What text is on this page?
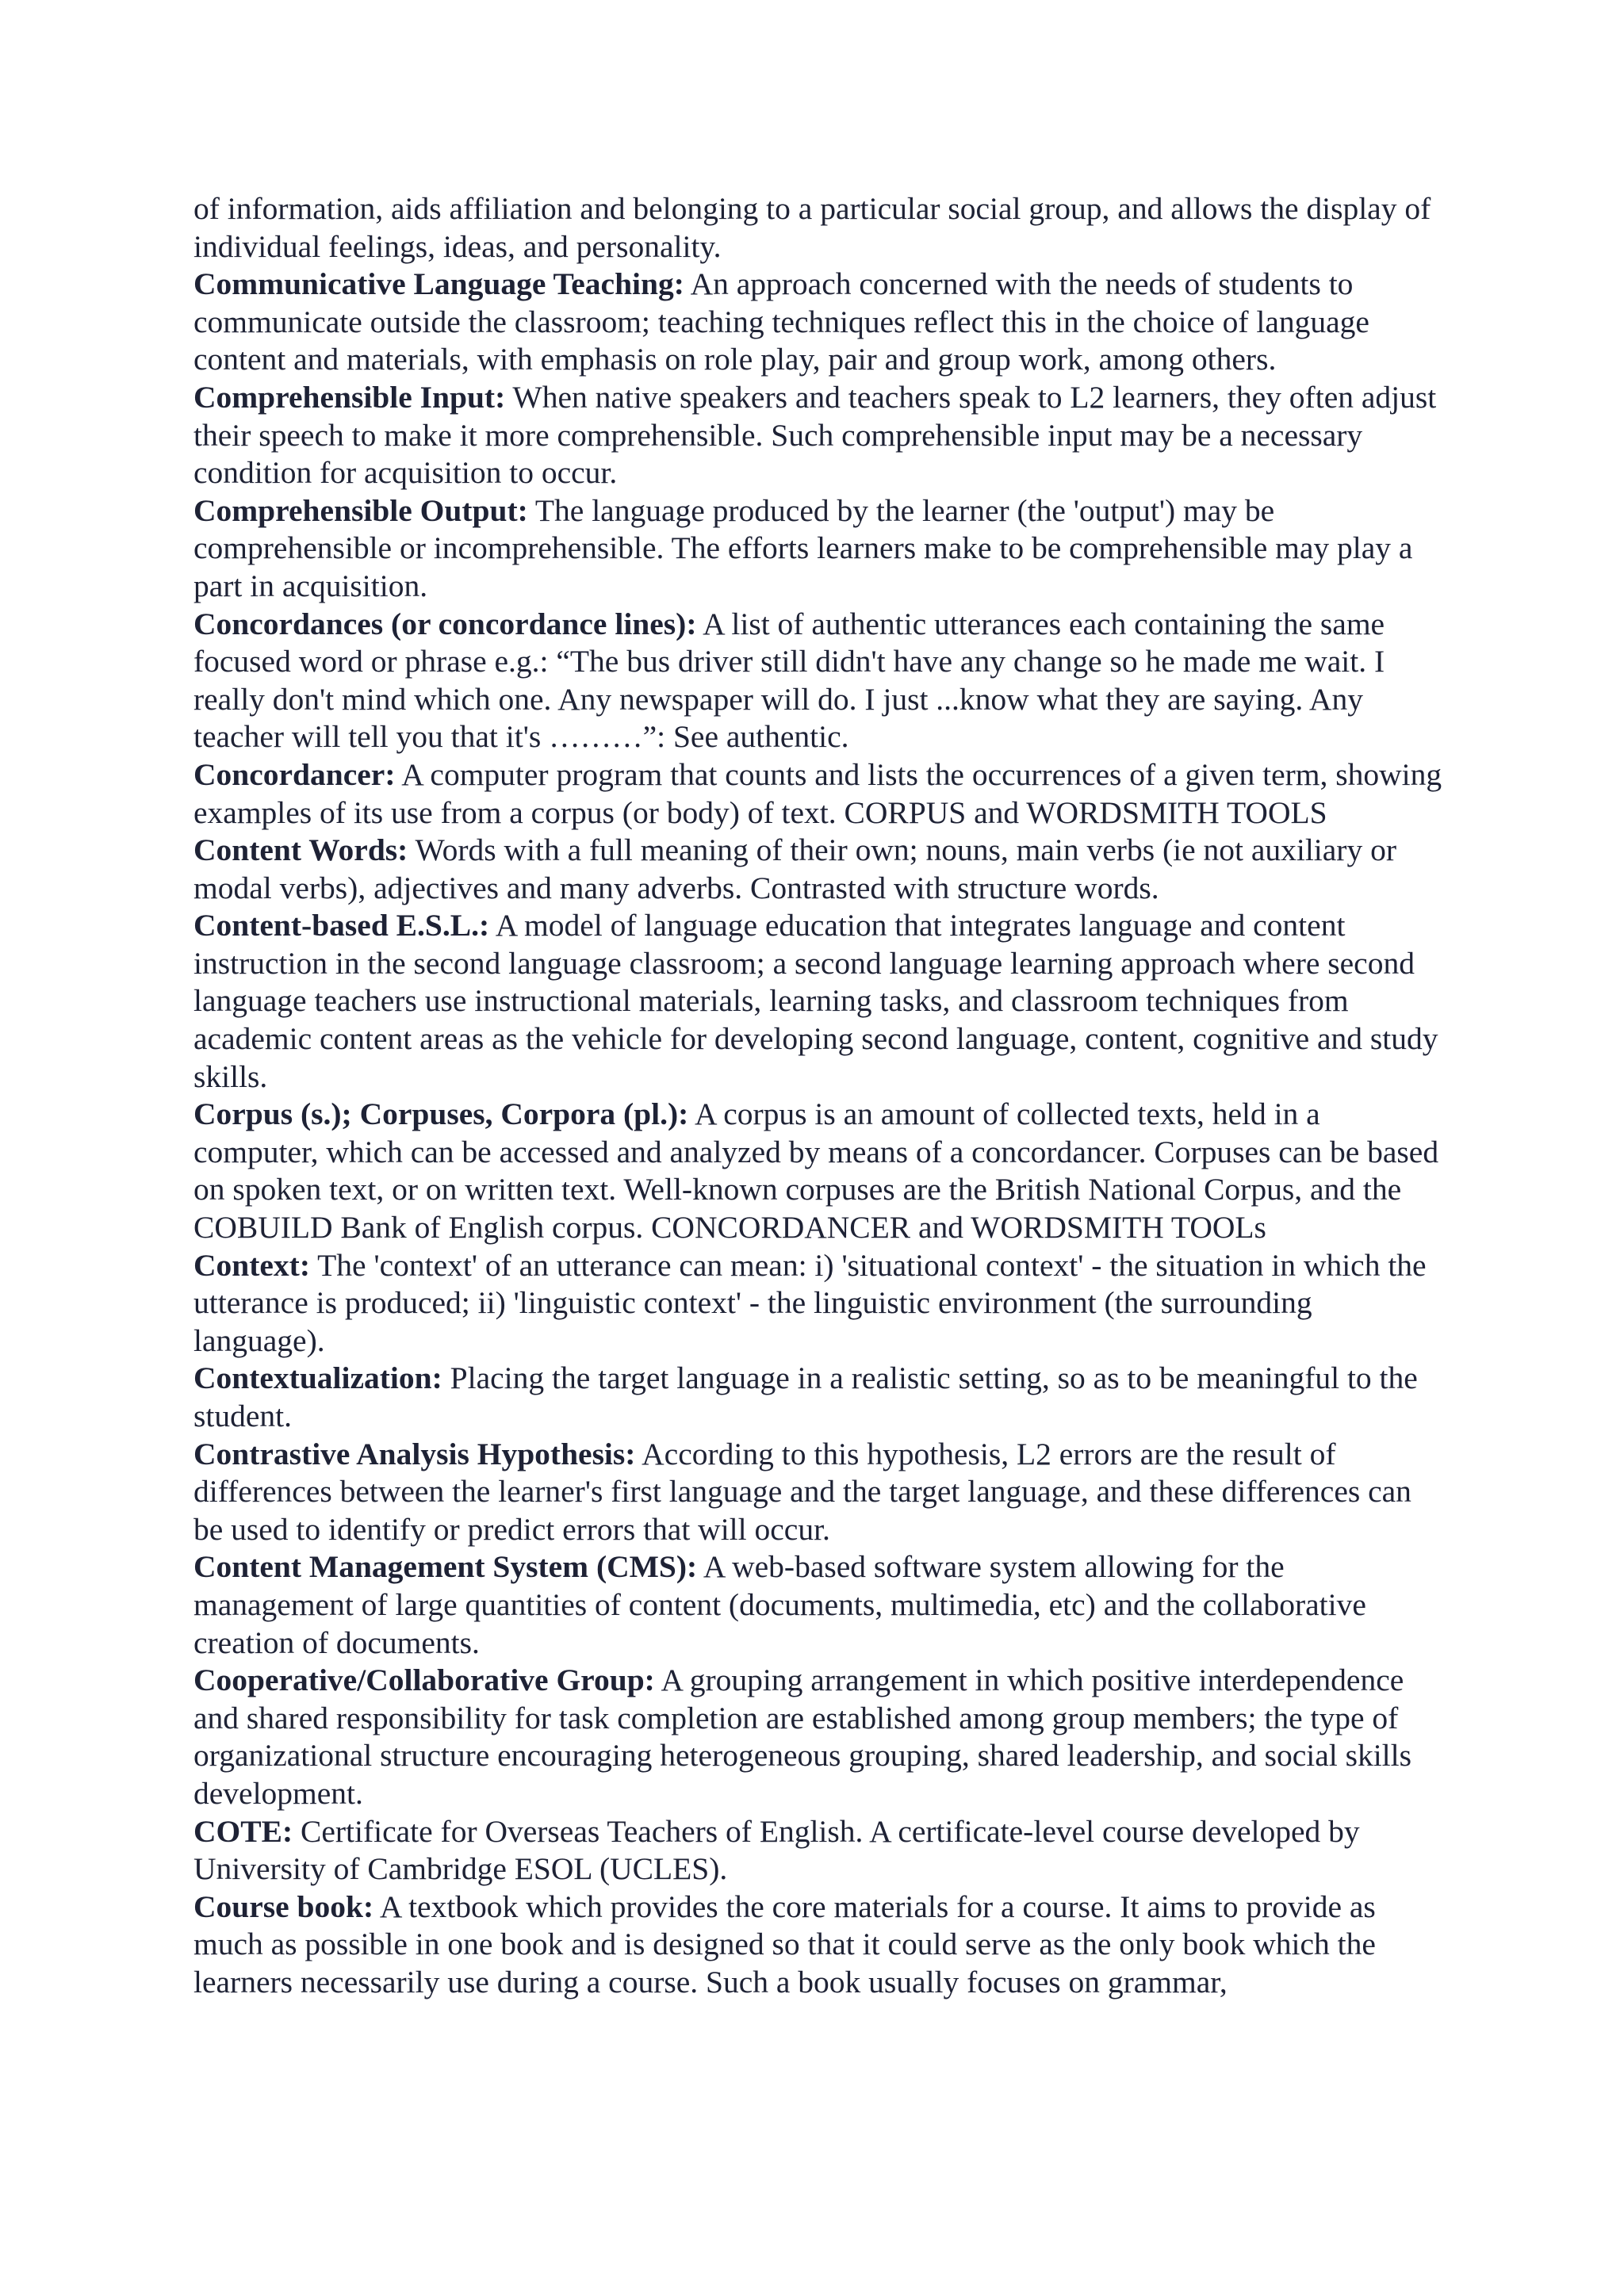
of information, aids affiliation and belonging to a particular social group, and allows the display of individual feelings, ideas, and personality.

Communicative Language Teaching: An approach concerned with the needs of students to communicate outside the classroom; teaching techniques reflect this in the choice of language content and materials, with emphasis on role play, pair and group work, among others.

Comprehensible Input: When native speakers and teachers speak to L2 learners, they often adjust their speech to make it more comprehensible. Such comprehensible input may be a necessary condition for acquisition to occur.

Comprehensible Output: The language produced by the learner (the 'output') may be comprehensible or incomprehensible. The efforts learners make to be comprehensible may play a part in acquisition.

Concordances (or concordance lines): A list of authentic utterances each containing the same focused word or phrase e.g.: “The bus driver still didn't have any change so he made me wait. I really don't mind which one. Any newspaper will do. I just ...know what they are saying. Any teacher will tell you that it's ………”: See authentic.

Concordancer: A computer program that counts and lists the occurrences of a given term, showing examples of its use from a corpus (or body) of text. CORPUS and WORDSMITH TOOLS

Content Words: Words with a full meaning of their own; nouns, main verbs (ie not auxiliary or modal verbs), adjectives and many adverbs. Contrasted with structure words.

Content-based E.S.L.: A model of language education that integrates language and content instruction in the second language classroom; a second language learning approach where second language teachers use instructional materials, learning tasks, and classroom techniques from academic content areas as the vehicle for developing second language, content, cognitive and study skills.

Corpus (s.); Corpuses, Corpora (pl.): A corpus is an amount of collected texts, held in a computer, which can be accessed and analyzed by means of a concordancer. Corpuses can be based on spoken text, or on written text. Well-known corpuses are the British National Corpus, and the COBUILD Bank of English corpus. CONCORDANCER and WORDSMITH TOOLs

Context: The 'context' of an utterance can mean: i) 'situational context' - the situation in which the utterance is produced; ii) 'linguistic context' - the linguistic environment (the surrounding language).

Contextualization: Placing the target language in a realistic setting, so as to be meaningful to the student.

Contrastive Analysis Hypothesis: According to this hypothesis, L2 errors are the result of differences between the learner's first language and the target language, and these differences can be used to identify or predict errors that will occur.

Content Management System (CMS): A web-based software system allowing for the management of large quantities of content (documents, multimedia, etc) and the collaborative creation of documents.

Cooperative/Collaborative Group: A grouping arrangement in which positive interdependence and shared responsibility for task completion are established among group members; the type of organizational structure encouraging heterogeneous grouping, shared leadership, and social skills development.

COTE: Certificate for Overseas Teachers of English. A certificate-level course developed by University of Cambridge ESOL (UCLES).

Course book: A textbook which provides the core materials for a course. It aims to provide as much as possible in one book and is designed so that it could serve as the only book which the learners necessarily use during a course. Such a book usually focuses on grammar,
